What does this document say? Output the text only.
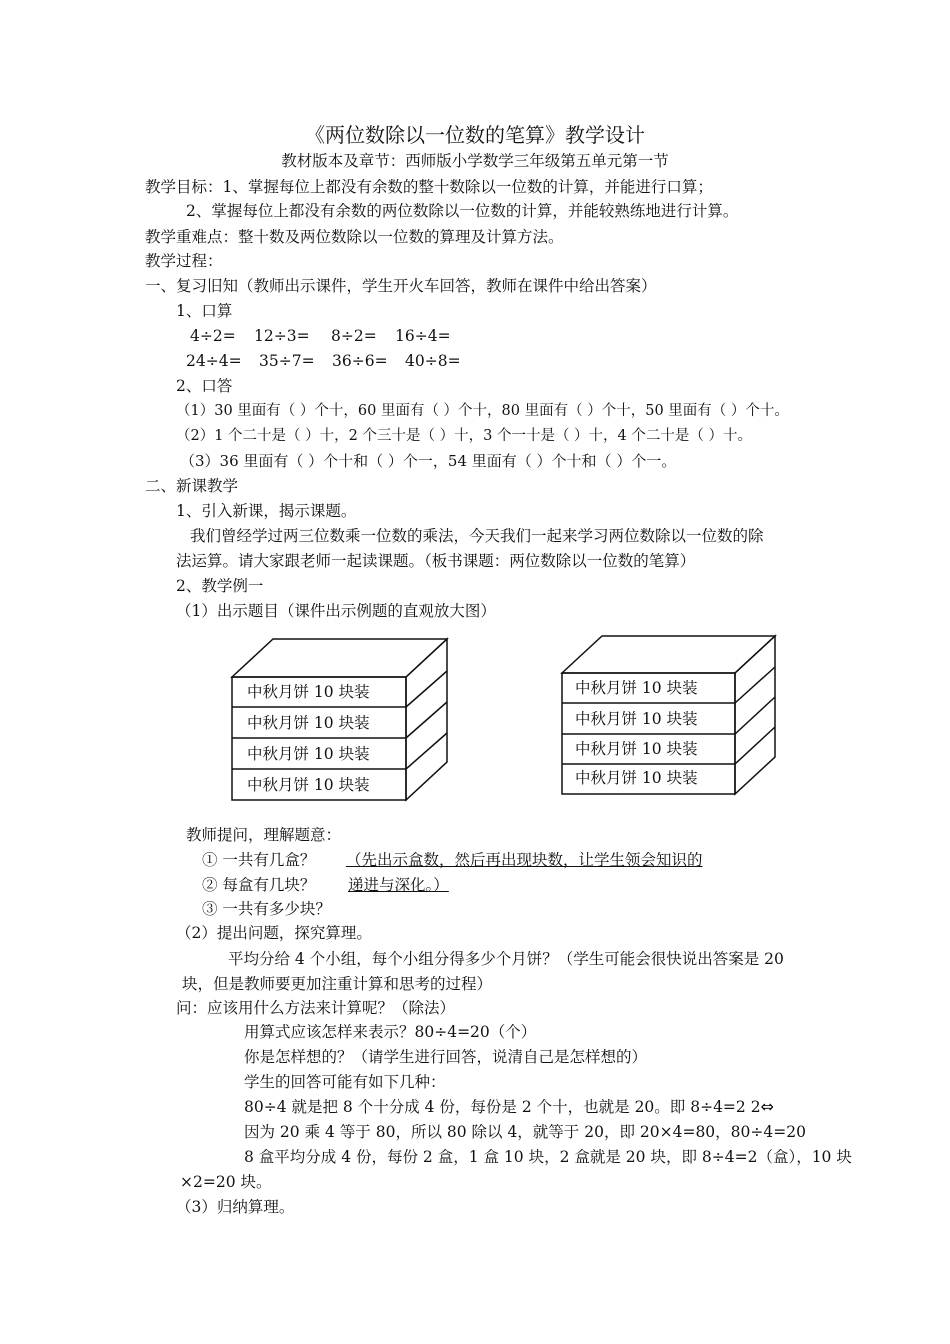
《两位数除以一位数的笔算》教学设计
教材版本及章节：西师版小学数学三年级第五单元第一节
教学目标：1、掌握每位上都没有余数的整十数除以一位数的计算，并能进行口算；
2、掌握每位上都没有余数的两位数除以一位数的计算，并能较熟练地进行计算。
教学重难点：整十数及两位数除以一位数的算理及计算方法。
教学过程：
一、复习旧知（教师出示课件，学生开火车回答，教师在课件中给出答案）
1、口算
4÷2= 12÷3= 8÷2= 16÷4=
24÷4= 35÷7= 36÷6= 40÷8=
2、口答
（1）30 里面有（ ）个十，60 里面有（ ）个十，80 里面有（ ）个十，50 里面有（ ）个十。
（2）1 个二十是（ ）十，2 个三十是（ ）十，3 个一十是（ ）十，4 个二十是（ ）十。
（3）36 里面有（ ）个十和（ ）个一，54 里面有（ ）个十和（ ）个一。
二、新课教学
1、引入新课，揭示课题。
我们曾经学过两三位数乘一位数的乘法，今天我们一起来学习两位数除以一位数的除
法运算。请大家跟老师一起读课题。（板书课题：两位数除以一位数的笔算）
2、教学例一
（1）出示题目（课件出示例题的直观放大图）
中秋月饼 10 块装
中秋月饼 10 块装
中秋月饼 10 块装
中秋月饼 10 块装
中秋月饼 10 块装
中秋月饼 10 块装
中秋月饼 10 块装
中秋月饼 10 块装
教师提问，理解题意：
① 一共有几盒？ （先出示盒数，然后再出现块数，让学生领会知识的
② 每盒有几块？ 递进与深化。）
③ 一共有多少块？
（2）提出问题，探究算理。
平均分给 4 个小组，每个小组分得多少个月饼？（学生可能会很快说出答案是 20
块，但是教师要更加注重计算和思考的过程）
问：应该用什么方法来计算呢？（除法）
用算式应该怎样来表示？80÷4=20（个）
你是怎样想的？（请学生进行回答，说清自己是怎样想的）
学生的回答可能有如下几种：
80÷4 就是把 8 个十分成 4 份，每份是 2 个十，也就是 20。即 8÷4=2 2⇔
因为 20 乘 4 等于 80，所以 80 除以 4，就等于 20，即 20×4=80，80÷4=20
8 盒平均分成 4 份，每份 2 盒，1 盒 10 块，2 盒就是 20 块，即 8÷4=2（盒），10 块
×2=20 块。
（3）归纳算理。
